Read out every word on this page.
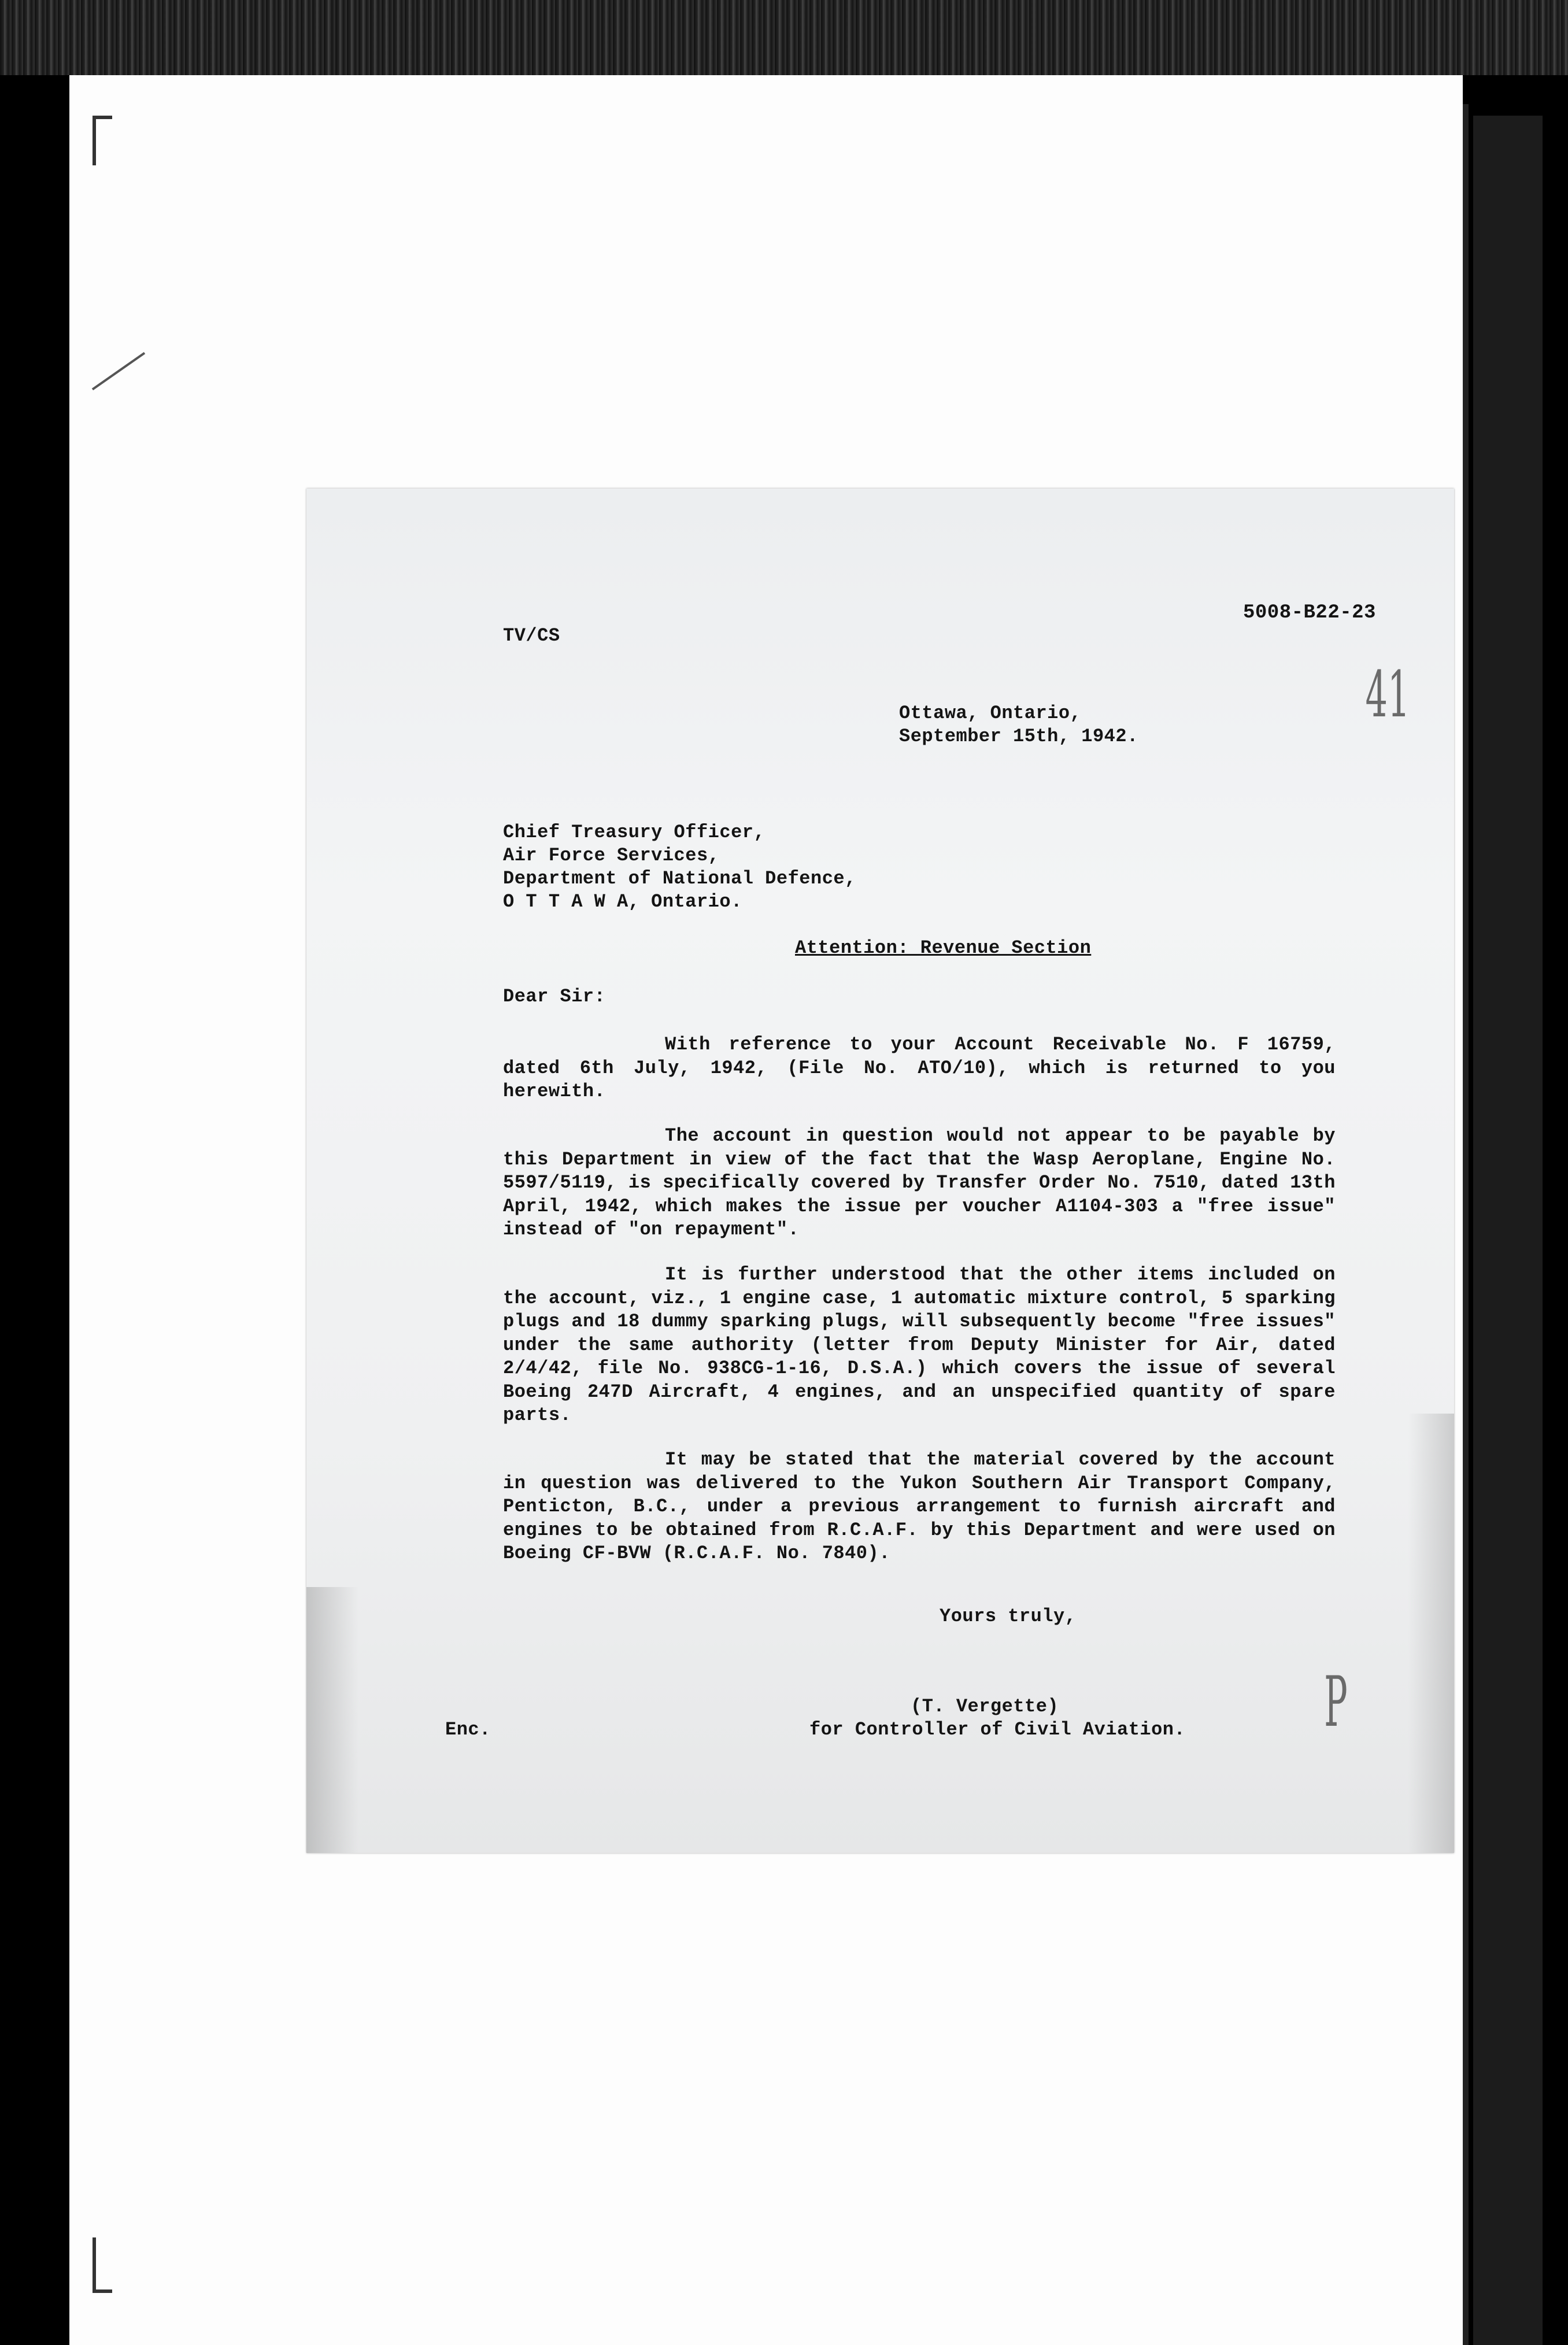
TV/CS
5008-B22-23
41
Ottawa, Ontario,
September 15th, 1942.
Chief Treasury Officer,
Air Force Services,
Department of National Defence,
O T T A W A, Ontario.
Attention: Revenue Section
Dear Sir:
With reference to your Account Receivable No. F 16759, dated 6th July, 1942, (File No. ATO/10), which is returned to you herewith.
The account in question would not appear to be payable by this Department in view of the fact that the Wasp Aeroplane, Engine No. 5597/5119, is specifically covered by Transfer Order No. 7510, dated 13th April, 1942, which makes the issue per voucher A1104-303 a "free issue" instead of "on repayment".
It is further understood that the other items included on the account, viz., 1 engine case, 1 automatic mixture control, 5 sparking plugs and 18 dummy sparking plugs, will subsequently become "free issues" under the same authority (letter from Deputy Minister for Air, dated 2/4/42, file No. 938CG-1-16, D.S.A.) which covers the issue of several Boeing 247D Aircraft, 4 engines, and an unspecified quantity of spare parts.
It may be stated that the material covered by the account in question was delivered to the Yukon Southern Air Transport Company, Penticton, B.C., under a previous arrangement to furnish aircraft and engines to be obtained from R.C.A.F. by this Department and were used on Boeing CF-BVW (R.C.A.F. No. 7840).
Yours truly,
(T. Vergette)
for Controller of Civil Aviation.
Enc.	P
